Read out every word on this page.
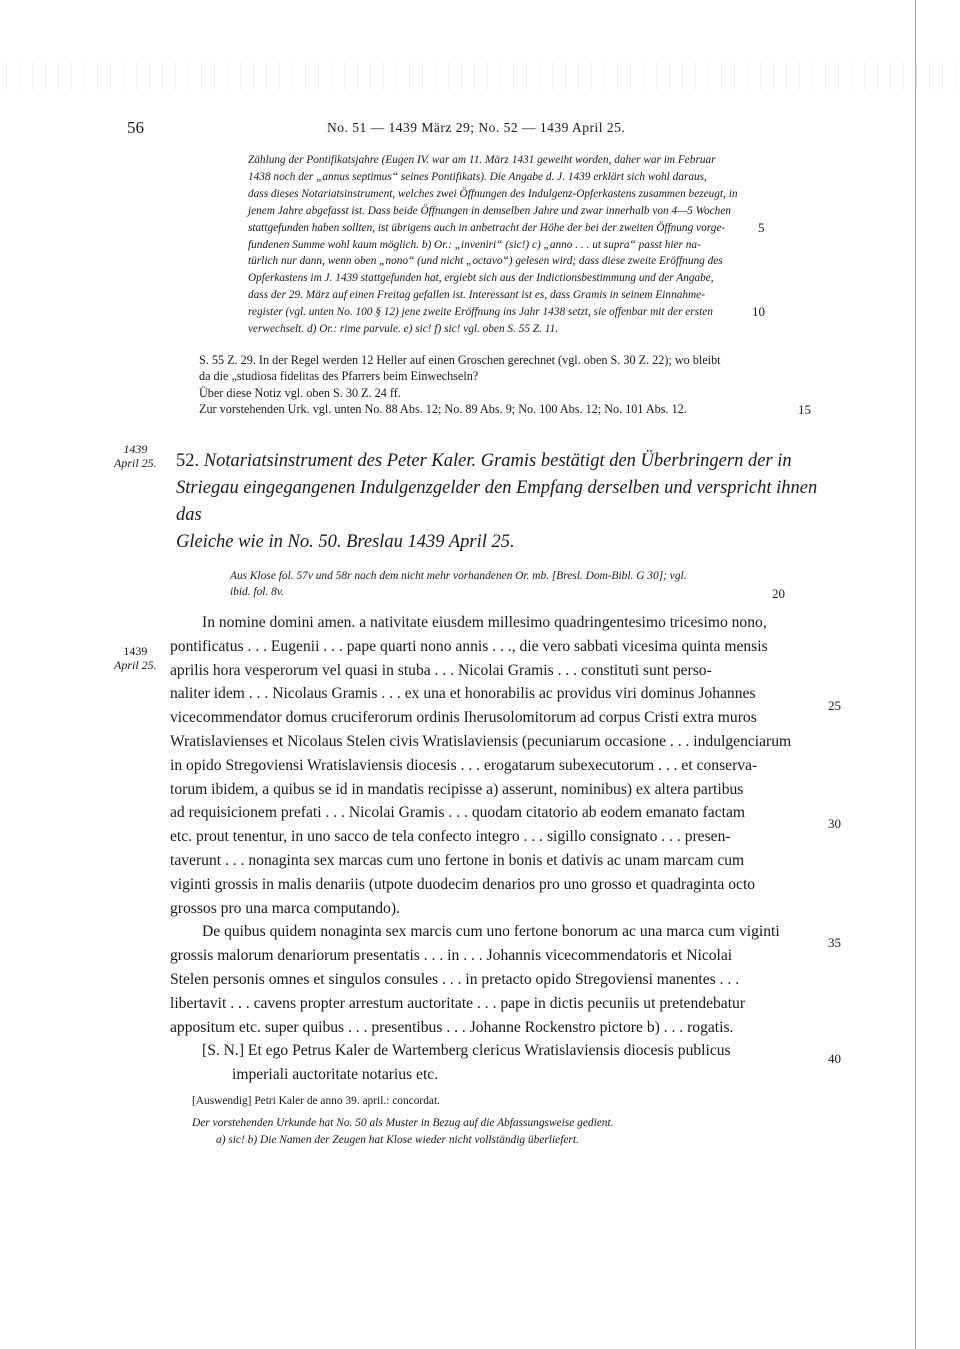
56	No. 51 — 1439 März 29; No. 52 — 1439 April 25.
Zählung der Pontifikatsjahre (Eugen IV. war am 11. März 1431 geweiht worden, daher war im Februar
1438 noch der „annus septimus“ seines Pontifikats). Die Angabe d. J. 1439 erklärt sich wohl daraus,
dass dieses Notariatsinstrument, welches zwei Öffnungen des Indulgenz-Opferkastens zusammen bezeugt, in
jenem Jahre abgefasst ist. Dass beide Öffnungen in demselben Jahre und zwar innerhalb von 4—5 Wochen
stattgefunden haben sollten, ist übrigens auch in anbetracht der Höhe der bei der zweiten Öffnung vorge-
fundenen Summe wohl kaum möglich. b) Or.: „inveniri“ (sic!) c) „anno . . . ut supra“ passt hier na-
türlich nur dann, wenn oben „nono“ (und nicht „octavo“) gelesen wird; dass diese zweite Eröffnung des
Opferkastens im J. 1439 stattgefunden hat, ergiebt sich aus der Indictionsbestimmung und der Angabe,
dass der 29. März auf einen Freitag gefallen ist. Interessant ist es, dass Gramis in seinem Einnahme-
register (vgl. unten No. 100 § 12) jene zweite Eröffnung ins Jahr 1438 setzt, sie offenbar mit der ersten
verwechselt. d) Or.: rime parvule. e) sic! f) sic! vgl. oben S. 55 Z. 11.
5
10
S. 55 Z. 29. In der Regel werden 12 Heller auf einen Groschen gerechnet (vgl. oben S. 30 Z. 22); wo bleibt
da die „studiosa fidelitas des Pfarrers beim Einwechseln?
Über diese Notiz vgl. oben S. 30 Z. 24 ff.
Zur vorstehenden Urk. vgl. unten No. 88 Abs. 12; No. 89 Abs. 9; No. 100 Abs. 12; No. 101 Abs. 12.	15
1439
April 25. 52. Notariatsinstrument des Peter Kaler. Gramis bestätigt den Überbringern der in
Striegau eingegangenen Indulgenzgelder den Empfang derselben und verspricht ihnen das
Gleiche wie in No. 50. Breslau 1439 April 25.
Aus Klose fol. 57v und 58r nach dem nicht mehr vorhandenen Or. mb. [Bresl. Dom-Bibl. G 30]; vgl.
ibid. fol. 8v.	20
1439
April 25.
In nomine domini amen. a nativitate eiusdem millesimo quadringentesimo tricesimo nono,
pontificatus . . . Eugenii . . . pape quarti nono annis . . ., die vero sabbati vicesima quinta mensis
aprilis hora vesperorum vel quasi in stuba . . . Nicolai Gramis . . . constituti sunt perso-
naliter idem . . . Nicolaus Gramis . . . ex una et honorabilis ac providus viri dominus Johannes
vicecommendator domus cruciferorum ordinis Iherusolomitorum ad corpus Cristi extra muros
Wratislavienses et Nicolaus Stelen civis Wratislaviensis (pecuniarum occasione . . . indulgenciarum
in opido Stregoviensi Wratislaviensis diocesis . . . erogatarum subexecutorum . . . et conserva-
torum ibidem, a quibus se id in mandatis recipisse a) asserunt, nominibus) ex altera partibus
ad requisicionem prefati . . . Nicolai Gramis . . . quodam citatorio ab eodem emanato factam
etc. prout tenentur, in uno sacco de tela confecto integro . . . sigillo consignato . . . presen-
taverunt . . . nonaginta sex marcas cum uno fertone in bonis et dativis ac unam marcam cum
viginti grossis in malis denariis (utpote duodecim denarios pro uno grosso et quadraginta octo
grossos pro una marca computando).
De quibus quidem nonaginta sex marcis cum uno fertone bonorum ac una marca cum viginti
grossis malorum denariorum presentatis . . . in . . . Johannis vicecommendatoris et Nicolai
Stelen personis omnes et singulos consules . . . in pretacto opido Stregoviensi manentes . . .
libertavit . . . cavens propter arrestum auctoritate . . . pape in dictis pecuniis ut pretendebatur
appositum etc. super quibus . . . presentibus . . . Johanne Rockenstro pictore b) . . . rogatis.
[S. N.] Et ego Petrus Kaler de Wartemberg clericus Wratislaviensis diocesis publicus
imperiali auctoritate notarius etc.
25
30
35
40
[Auswendig] Petri Kaler de anno 39. april.: concordat.
Der vorstehenden Urkunde hat No. 50 als Muster in Bezug auf die Abfassungsweise gedient.
a) sic! b) Die Namen der Zeugen hat Klose wieder nicht vollständig überliefert.
